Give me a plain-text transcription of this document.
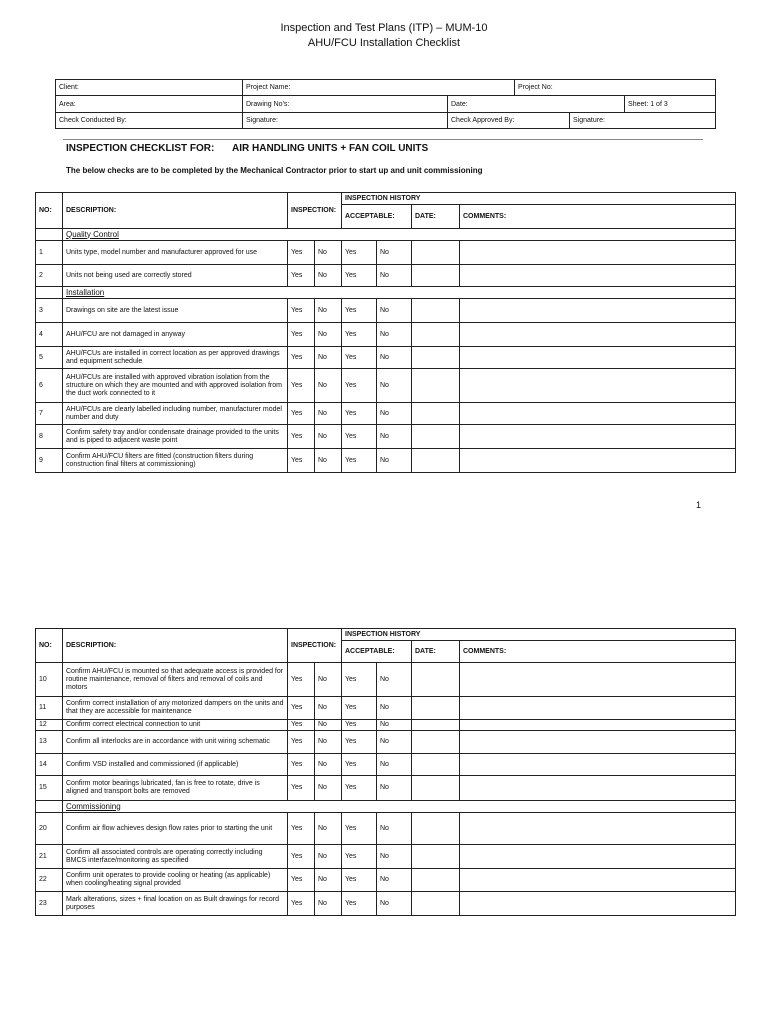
Inspection and Test Plans (ITP) – MUM-10
AHU/FCU Installation Checklist
Client:	Project Name:		Project No:		
Area:	Drawing No's:	Date:			Sheet: 1 of 3
Check Conducted By:	Signature:	Check Approved By:		Signature:	
INSPECTION CHECKLIST FOR: AIR HANDLING UNITS + FAN COIL UNITS
The below checks are to be completed by the Mechanical Contractor prior to start up and unit commissioning
NO:	DESCRIPTION:	INSPECTION:		INSPECTION HISTORY			
				ACCEPTABLE:		DATE:	COMMENTS:
	Quality Control						
1	Units type, model number and manufacturer approved for use	Yes	No	Yes	No		
2	Units not being used are correctly stored	Yes	No	Yes	No		
	Installation						
3	Drawings on site are the latest issue	Yes	No	Yes	No		
4	AHU/FCU are not damaged in anyway	Yes	No	Yes	No		
5	AHU/FCUs are installed in correct location as per approved drawings and equipment schedule	Yes	No	Yes	No		
6	AHU/FCUs are installed with approved vibration isolation from the structure on which they are mounted and with approved isolation from the duct work connected to it	Yes	No	Yes	No		
7	AHU/FCUs are clearly labelled including number, manufacturer model number and duty	Yes	No	Yes	No		
8	Confirm safety tray and/or condensate drainage provided to the units and is piped to adjacent waste point	Yes	No	Yes	No		
9	Confirm AHU/FCU filters are fitted (construction filters during construction final filters at commissioning)	Yes	No	Yes	No		
1
NO:	DESCRIPTION:	INSPECTION:		INSPECTION HISTORY			
				ACCEPTABLE:		DATE:	COMMENTS:
10	Confirm AHU/FCU is mounted so that adequate access is provided for routine maintenance, removal of filters and removal of coils and motors	Yes	No	Yes	No		
11	Confirm correct installation of any motorized dampers on the units and that they are accessible for maintenance	Yes	No	Yes	No		
12	Confirm correct electrical connection to unit	Yes	No	Yes	No		
13	Confirm all interlocks are in accordance with unit wiring schematic	Yes	No	Yes	No		
14	Confirm VSD installed and commissioned (if applicable)	Yes	No	Yes	No		
15	Confirm motor bearings lubricated, fan is free to rotate, drive is aligned and transport bolts are removed	Yes	No	Yes	No		
	Commissioning						
20	Confirm air flow achieves design flow rates prior to starting the unit	Yes	No	Yes	No		
21	Confirm all associated controls are operating correctly including BMCS interface/monitoring as specified	Yes	No	Yes	No		
22	Confirm unit operates to provide cooling or heating (as applicable) when cooling/heating signal provided	Yes	No	Yes	No		
23	Mark alterations, sizes + final location on as Built drawings for record purposes	Yes	No	Yes	No		
